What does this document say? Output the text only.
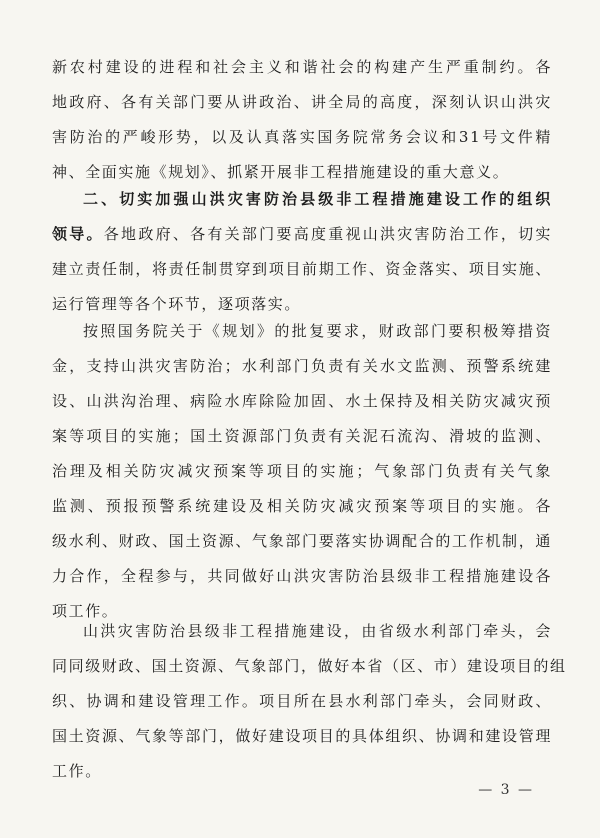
新农村建设的进程和社会主义和谐社会的构建产生严重制约。各
地政府、各有关部门要从讲政治、讲全局的高度，深刻认识山洪灾
害防治的严峻形势，以及认真落实国务院常务会议和31号文件精
神、全面实施《规划》、抓紧开展非工程措施建设的重大意义。
二、切实加强山洪灾害防治县级非工程措施建设工作的组织
领导。各地政府、各有关部门要高度重视山洪灾害防治工作，切实
建立责任制，将责任制贯穿到项目前期工作、资金落实、项目实施、
运行管理等各个环节，逐项落实。
按照国务院关于《规划》的批复要求，财政部门要积极筹措资
金，支持山洪灾害防治；水利部门负责有关水文监测、预警系统建
设、山洪沟治理、病险水库除险加固、水土保持及相关防灾减灾预
案等项目的实施；国土资源部门负责有关泥石流沟、滑坡的监测、
治理及相关防灾减灾预案等项目的实施；气象部门负责有关气象
监测、预报预警系统建设及相关防灾减灾预案等项目的实施。各
级水利、财政、国土资源、气象部门要落实协调配合的工作机制，通
力合作，全程参与，共同做好山洪灾害防治县级非工程措施建设各
项工作。
山洪灾害防治县级非工程措施建设，由省级水利部门牵头，会
同同级财政、国土资源、气象部门，做好本省（区、市）建设项目的组
织、协调和建设管理工作。项目所在县水利部门牵头，会同财政、
国土资源、气象等部门，做好建设项目的具体组织、协调和建设管理
工作。
— 3 —
